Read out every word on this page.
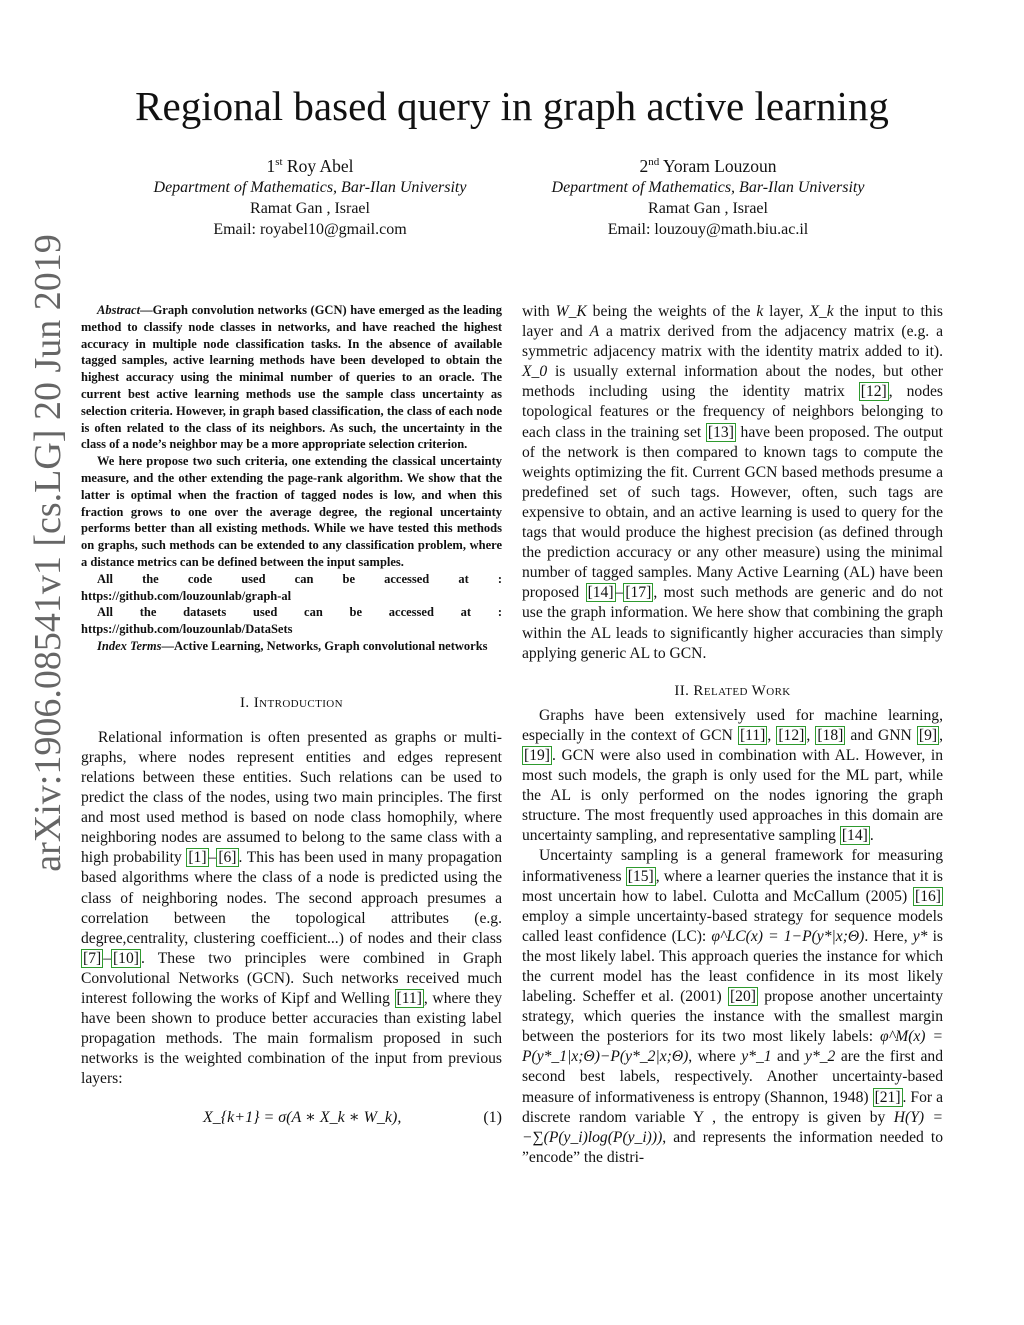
arXiv:1906.08541v1 [cs.LG] 20 Jun 2019
Regional based query in graph active learning
1st Roy Abel
Department of Mathematics, Bar-Ilan University
Ramat Gan , Israel
Email: royabel10@gmail.com
2nd Yoram Louzoun
Department of Mathematics, Bar-Ilan University
Ramat Gan , Israel
Email: louzouy@math.biu.ac.il

Abstract—Graph convolution networks (GCN) have emerged as the leading method to classify node classes in networks, and have reached the highest accuracy in multiple node classification tasks. In the absence of available tagged samples, active learning methods have been developed to obtain the highest accuracy using the minimal number of queries to an oracle. The current best active learning methods use the sample class uncertainty as selection criteria. However, in graph based classification, the class of each node is often related to the class of its neighbors. As such, the uncertainty in the class of a node’s neighbor may be a more appropriate selection criterion.

We here propose two such criteria, one extending the classical uncertainty measure, and the other extending the page-rank algorithm. We show that the latter is optimal when the fraction of tagged nodes is low, and when this fraction grows to one over the average degree, the regional uncertainty performs better than all existing methods. While we have tested this methods on graphs, such methods can be extended to any classification problem, where a distance metrics can be defined between the input samples.

All the code used can be accessed at :

https://github.com/louzounlab/graph-al

All the datasets used can be accessed at :

https://github.com/louzounlab/DataSets

Index Terms—Active Learning, Networks, Graph convolutional networks

I. Introduction

Relational information is often presented as graphs or multi-graphs, where nodes represent entities and edges represent relations between these entities. Such relations can be used to predict the class of the nodes, using two main principles. The first and most used method is based on node class homophily, where neighboring nodes are assumed to belong to the same class with a high probability [1] – [6] . This has been used in many propagation based algorithms where the class of a node is predicted using the class of neighboring nodes. The second approach presumes a correlation between the topological attributes (e.g. degree,centrality, clustering coefficient...) of nodes and their class [7] – [10] . These two principles were combined in Graph Convolutional Networks (GCN). Such networks received much interest following the works of Kipf and Welling [11] , where they have been shown to produce better accuracies than existing label propagation methods. The main formalism proposed in such networks is the weighted combination of the input from previous layers:

X_{k+1} = σ(A ∗ X_k ∗ W_k),	(1)

with W_K being the weights of the k layer, X_k the input to this layer and A a matrix derived from the adjacency matrix (e.g. a symmetric adjacency matrix with the identity matrix added to it). X_0 is usually external information about the nodes, but other methods including using the identity matrix [12] , nodes topological features or the frequency of neighbors belonging to each class in the training set [13] have been proposed. The output of the network is then compared to known tags to compute the weights optimizing the fit. Current GCN based methods presume a predefined set of such tags. However, often, such tags are expensive to obtain, and an active learning is used to query for the tags that would produce the highest precision (as defined through the prediction accuracy or any other measure) using the minimal number of tagged samples. Many Active Learning (AL) have been proposed [14] – [17] , most such methods are generic and do not use the graph information. We here show that combining the graph within the AL leads to significantly higher accuracies than simply applying generic AL to GCN.

II. Related Work

Graphs have been extensively used for machine learning, especially in the context of GCN [11] , [12] , [18] and GNN [9] , [19] . GCN were also used in combination with AL. However, in most such models, the graph is only used for the ML part, while the AL is only performed on the nodes ignoring the graph structure. The most frequently used approaches in this domain are uncertainty sampling, and representative sampling [14] .

Uncertainty sampling is a general framework for measuring informativeness [15] , where a learner queries the instance that it is most uncertain how to label. Culotta and McCallum (2005) [16] employ a simple uncertainty-based strategy for sequence models called least confidence (LC): φ^LC(x) = 1−P(y*|x;Θ). Here, y* is the most likely label. This approach queries the instance for which the current model has the least confidence in its most likely labeling. Scheffer et al. (2001) [20] propose another uncertainty strategy, which queries the instance with the smallest margin between the posteriors for its two most likely labels: φ^M(x) = P(y*_1|x;Θ)−P(y*_2|x;Θ), where y*_1 and y*_2 are the first and second best labels, respectively. Another uncertainty-based measure of informativeness is entropy (Shannon, 1948) [21] . For a discrete random variable Y , the entropy is given by H(Y) = −∑(P(y_i)log(P(y_i))), and represents the information needed to ”encode” the distri-
